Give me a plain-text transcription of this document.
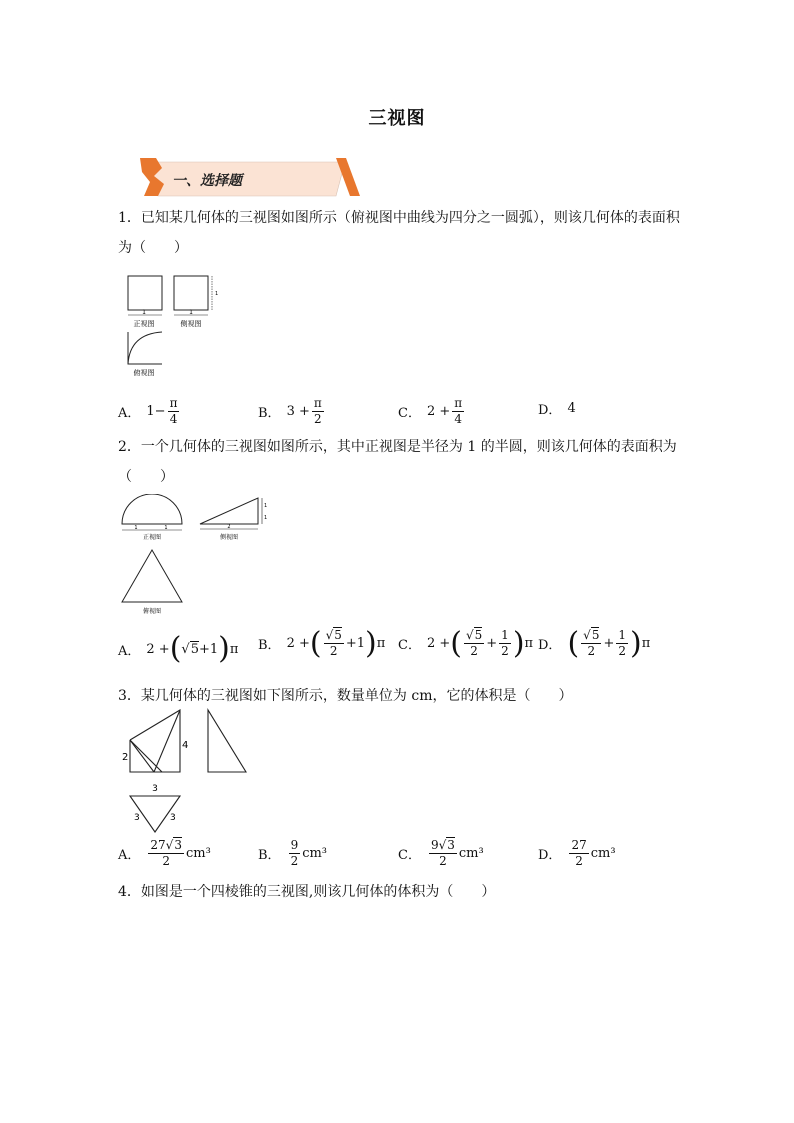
三视图
一、选择题
1．已知某几何体的三视图如图所示（俯视图中曲线为四分之一圆弧），则该几何体的表面积
为（　　）
1
正视图
1
1
侧视图
俯视图
A． $1- \frac{\pi}{4}$	B． $3 + \frac{\pi}{2}$	C． $2 + \frac{\pi}{4}$	D． 4
2．一个几何体的三视图如图所示，其中正视图是半径为 1 的半圆，则该几何体的表面积为
（　　）
1	1
正视图
2
1
1
侧视图
俯视图
A． 2 + ( √ 5 +1 ) π B． 2 + ( $\frac{√5}{2} +1$ ) π C． 2 + ( $\frac{√5}{2} + \frac{1}{2}$ ) π D． ( $\frac{√5}{2} + \frac{1}{2}$ ) π
3．某几何体的三视图如下图所示，数量单位为 cm，它的体积是（　　）
2
4
3
3	3
A． $\frac{27√3}{2} cm^3$	B． $\frac{9}{2} cm^3$	C． $\frac{9√3}{2} cm^3$	D． $\frac{27}{2} cm^3$
4．如图是一个四棱锥的三视图,则该几何体的体积为（　　）
